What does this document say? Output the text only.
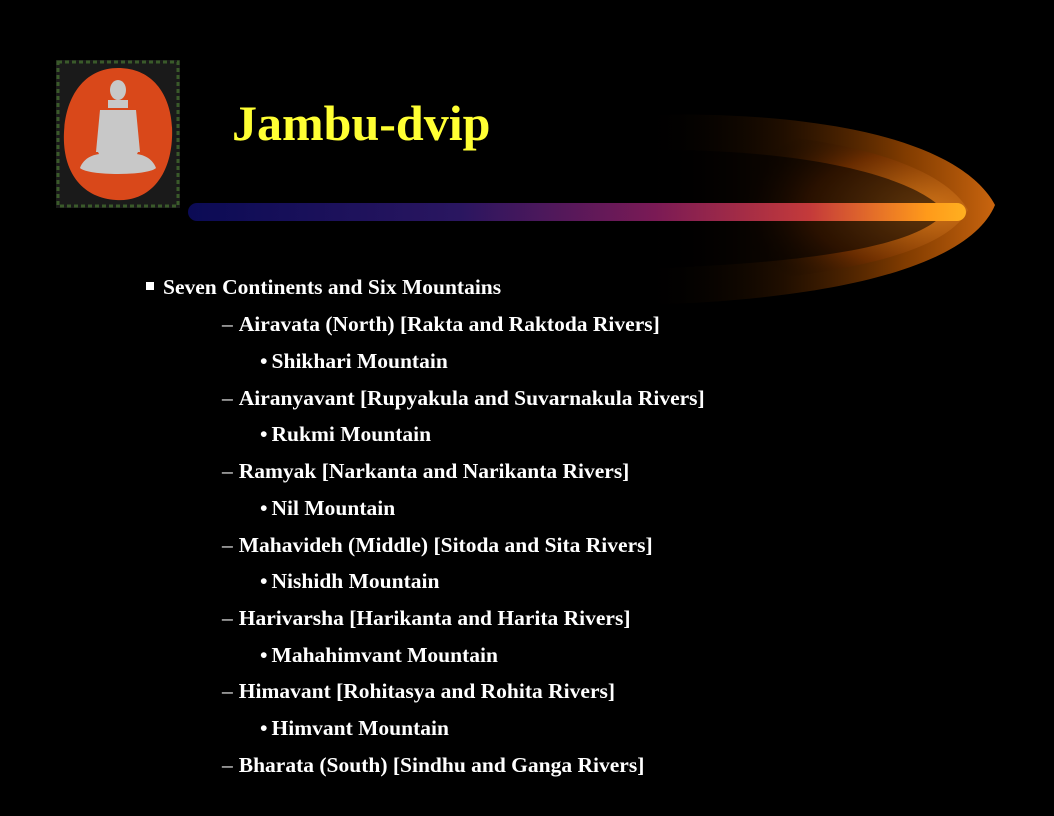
Jambu-dvip
Seven Continents and Six Mountains
– Airavata (North) [Rakta and Raktoda Rivers]
• Shikhari Mountain
– Airanyavant [Rupyakula and Suvarnakula Rivers]
• Rukmi Mountain
– Ramyak [Narkanta and Narikanta Rivers]
• Nil Mountain
– Mahavideh (Middle) [Sitoda and Sita Rivers]
• Nishidh Mountain
– Harivarsha [Harikanta and Harita Rivers]
• Mahahimvant Mountain
– Himavant [Rohitasya and Rohita Rivers]
• Himvant Mountain
– Bharata (South) [Sindhu and Ganga Rivers]
